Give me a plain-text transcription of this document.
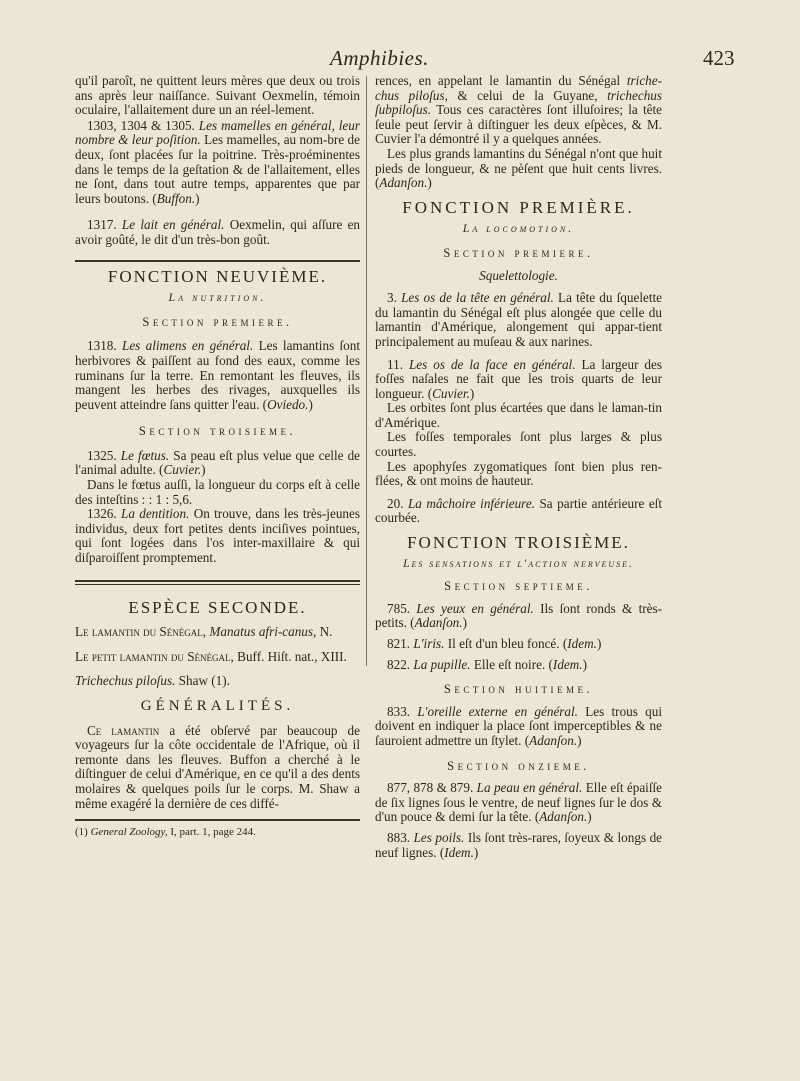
Amphibies.	423

qu'il paroît, ne quittent leurs mères que deux ou trois ans après leur naiſſance. Suivant Oexmelin, témoin oculaire, l'allaitement dure un an réel-lement.

1303, 1304 & 1305. Les mamelles en général, leur nombre & leur poſition. Les mamelles, au nom-bre de deux, ſont placées ſur la poitrine. Très-proéminentes dans le temps de la geſtation & de l'allaitement, elles ne ſont, dans tout autre temps, apparentes que par leurs boutons. (Buffon.)

1317. Le lait en général. Oexmelin, qui aſſure en avoir goûté, le dit d'un très-bon goût.

FONCTION NEUVIÈME.

La nutrition.

Section premiere.

1318. Les alimens en général. Les lamantins ſont herbivores & paiſſent au fond des eaux, comme les ruminans ſur la terre. En remontant les fleuves, ils mangent les herbes des rivages, auxquelles ils peuvent atteindre ſans quitter l'eau. (Oviedo.)

Section troisieme.

1325. Le fœtus. Sa peau eſt plus velue que celle de l'animal adulte. (Cuvier.)

Dans le fœtus auſſi, la longueur du corps eſt à celle des inteſtins : : 1 : 5,6.

1326. La dentition. On trouve, dans les très-jeunes individus, deux fort petites dents inciſives pointues, qui ſont logées dans l'os inter-maxillaire & qui diſparoiſſent promptement.

ESPÈCE SECONDE.

Le lamantin du Sénégal, Manatus afri-canus, N.

Le petit lamantin du Sénégal, Buff. Hiſt. nat., XIII.

Trichechus piloſus. Shaw (1).

GÉNÉRALITÉS.

Ce lamantin a été obſervé par beaucoup de voyageurs ſur la côte occidentale de l'Afrique, où il remonte dans les fleuves. Buffon a cherché à le diſtinguer de celui d'Amérique, en ce qu'il a des dents molaires & quelques poils ſur le corps. M. Shaw a même exagéré la dernière de ces diffé-

(1) General Zoology, I, part. 1, page 244.

rences, en appelant le lamantin du Sénégal triche-chus piloſus, & celui de la Guyane, trichechus ſubpiloſus. Tous ces caractères ſont illuſoires; la tête ſeule peut ſervir à diſtinguer les deux eſpèces, & M. Cuvier l'a démontré il y a quelques années.

Les plus grands lamantins du Sénégal n'ont que huit pieds de longueur, & ne pèſent que huit cents livres. (Adanſon.)

FONCTION PREMIÈRE.

La locomotion.

Section premiere.

Squelettologie.

3. Les os de la tête en général. La tête du ſquelette du lamantin du Sénégal eſt plus alongée que celle du lamantin d'Amérique, alongement qui appar-tient principalement au muſeau & aux narines.

11. Les os de la face en général. La largeur des foſſes naſales ne fait que les trois quarts de leur longueur. (Cuvier.)

Les orbites ſont plus écartées que dans le laman-tin d'Amérique.

Les foſſes temporales ſont plus larges & plus courtes.

Les apophyſes zygomatiques ſont bien plus ren-flées, & ont moins de hauteur.

20. La mâchoire inférieure. Sa partie antérieure eſt courbée.

FONCTION TROISIÈME.

Les sensations et l'action nerveuse.

Section septieme.

785. Les yeux en général. Ils ſont ronds & très-petits. (Adanſon.)

821. L'iris. Il eſt d'un bleu foncé. (Idem.)

822. La pupille. Elle eſt noire. (Idem.)

Section huitieme.

833. L'oreille externe en général. Les trous qui doivent en indiquer la place ſont imperceptibles & ne ſauroient admettre un ſtylet. (Adanſon.)

Section onzieme.

877, 878 & 879. La peau en général. Elle eſt épaiſſe de ſix lignes ſous le ventre, de neuf lignes ſur le dos & d'un pouce & demi ſur la tête. (Adanſon.)

883. Les poils. Ils ſont très-rares, ſoyeux & longs de neuf lignes. (Idem.)
